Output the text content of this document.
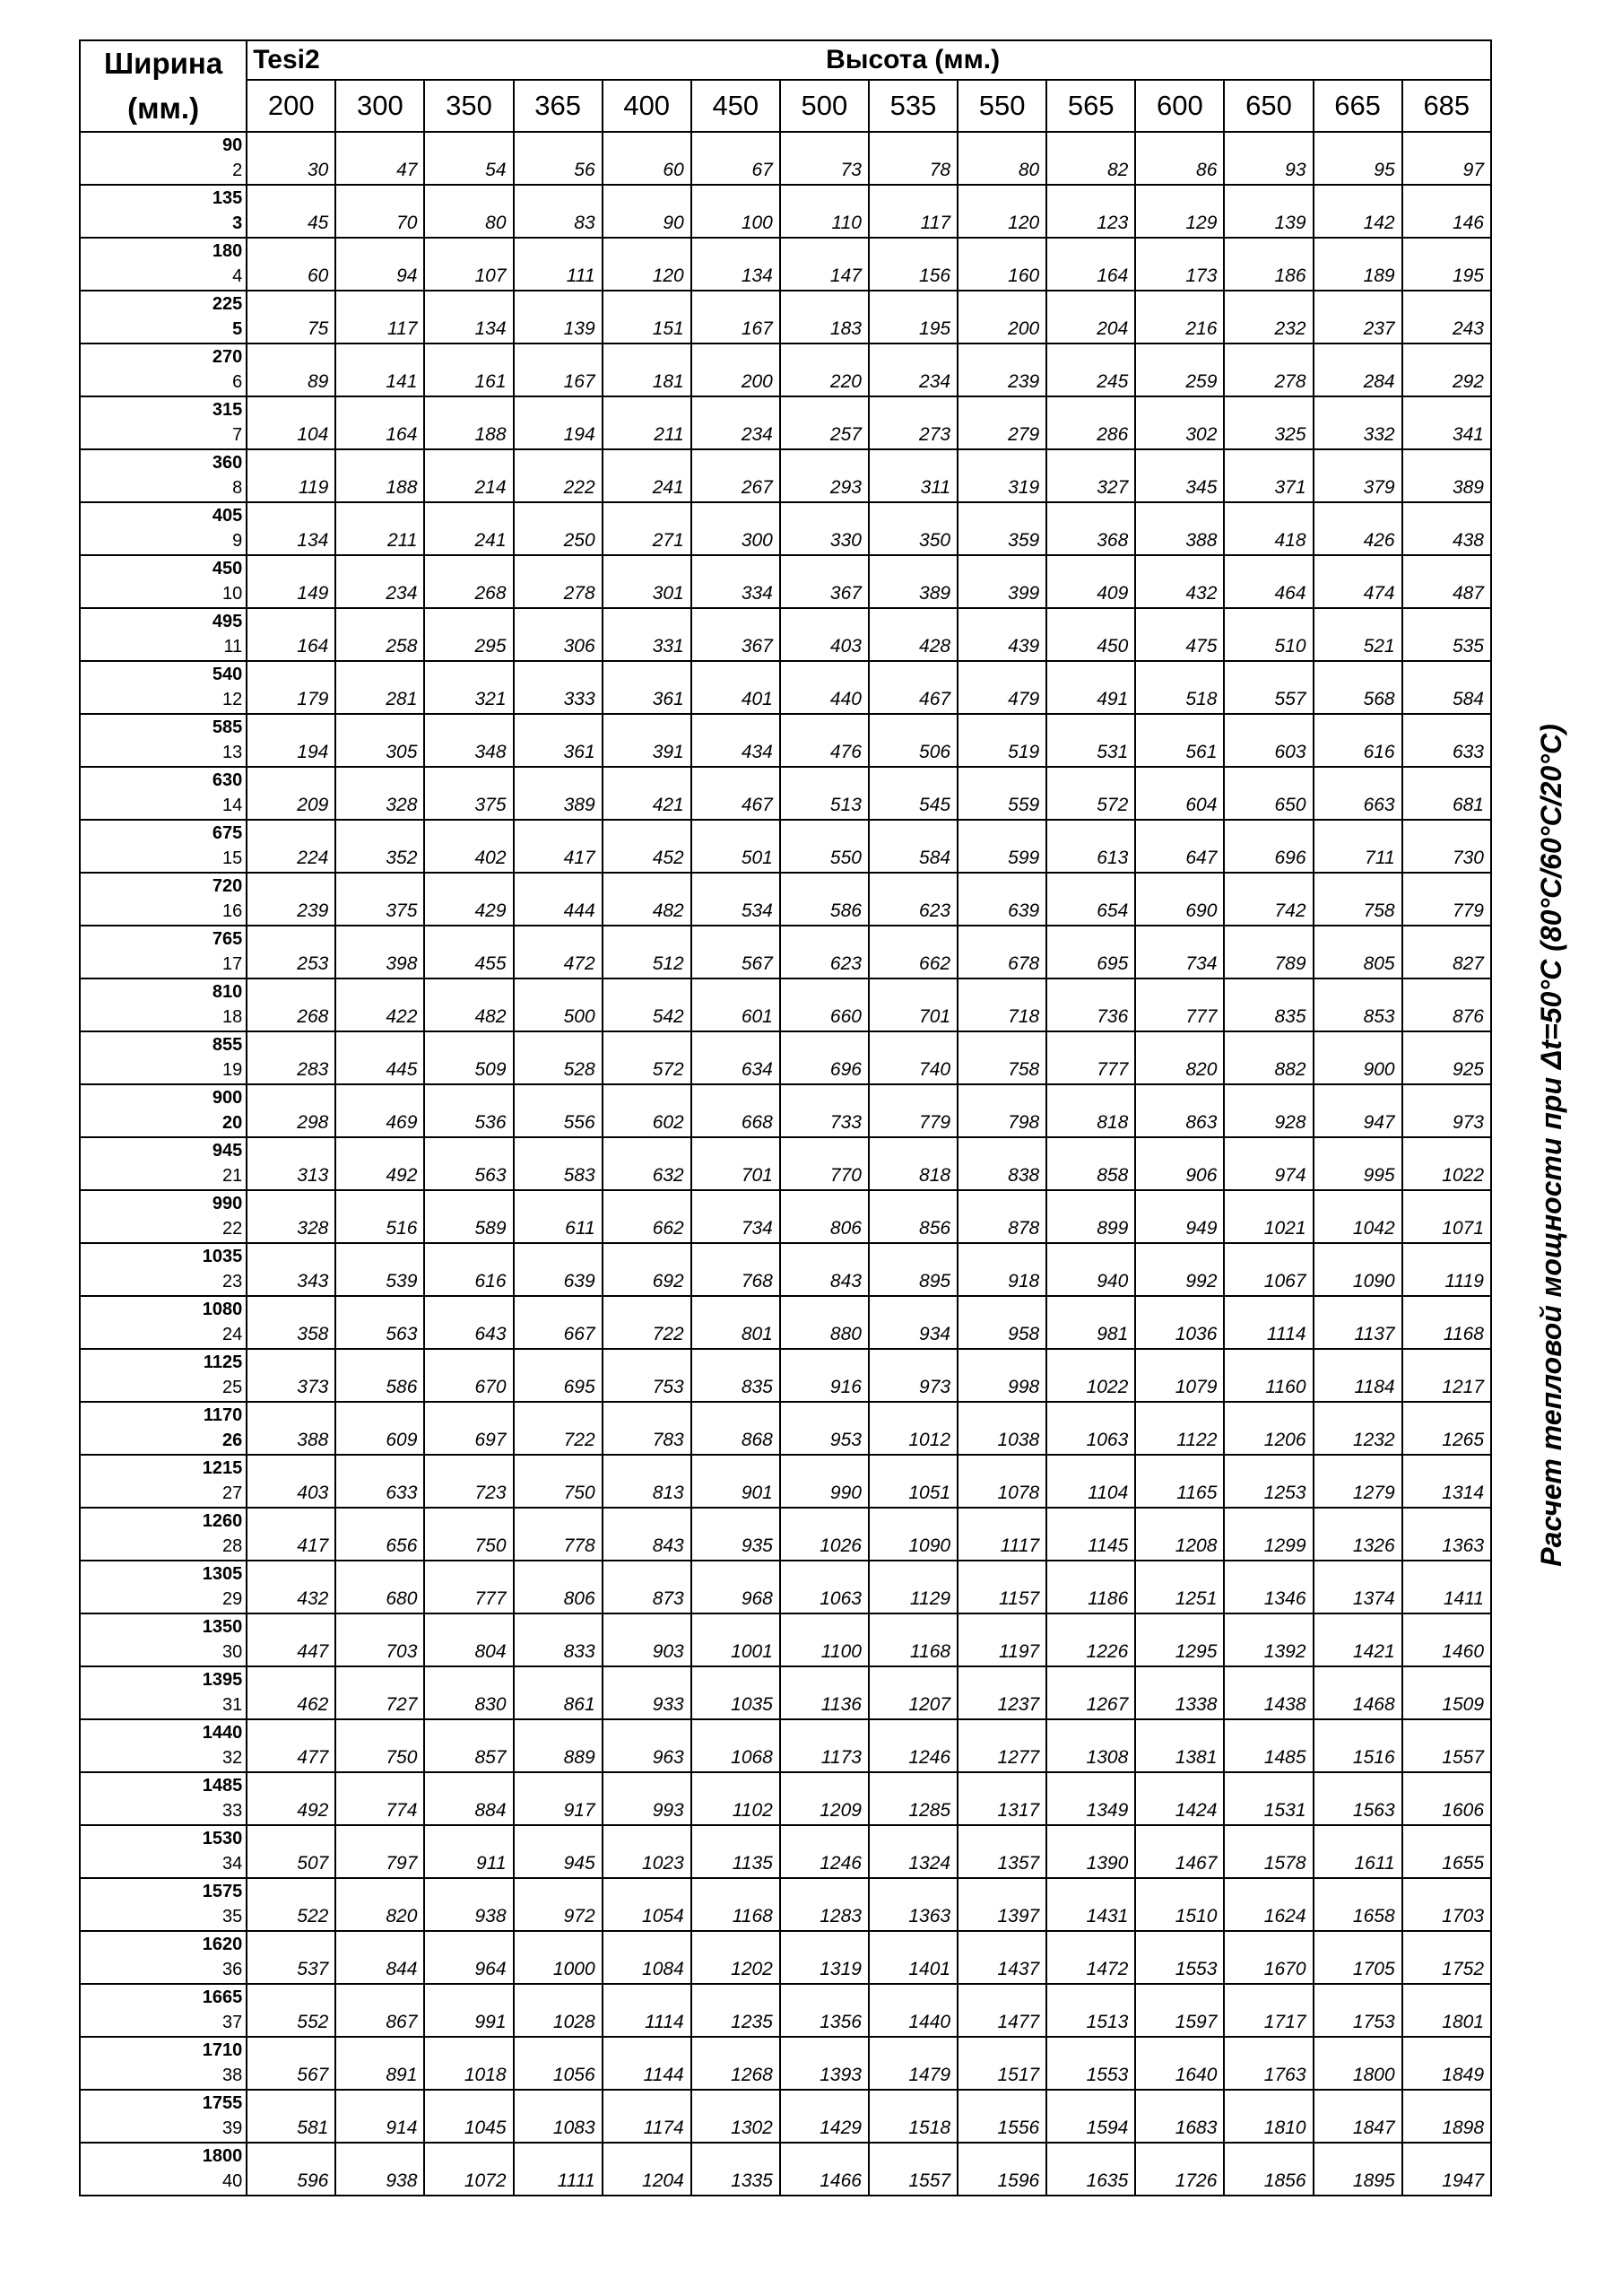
Ширина
(мм.)	Tesi2	Высота (мм.)												
	200	300	350	365	400	450	500	535	550	565	600	650	665	685

90
2	30	47	54	56	60	67	73	78	80	82	86	93	95	97

135
3	45	70	80	83	90	100	110	117	120	123	129	139	142	146

180
4	60	94	107	111	120	134	147	156	160	164	173	186	189	195

225
5	75	117	134	139	151	167	183	195	200	204	216	232	237	243

270
6	89	141	161	167	181	200	220	234	239	245	259	278	284	292

315
7	104	164	188	194	211	234	257	273	279	286	302	325	332	341

360
8	119	188	214	222	241	267	293	311	319	327	345	371	379	389

405
9	134	211	241	250	271	300	330	350	359	368	388	418	426	438

450
10	149	234	268	278	301	334	367	389	399	409	432	464	474	487

495
11	164	258	295	306	331	367	403	428	439	450	475	510	521	535

540
12	179	281	321	333	361	401	440	467	479	491	518	557	568	584

585
13	194	305	348	361	391	434	476	506	519	531	561	603	616	633

630
14	209	328	375	389	421	467	513	545	559	572	604	650	663	681

675
15	224	352	402	417	452	501	550	584	599	613	647	696	711	730

720
16	239	375	429	444	482	534	586	623	639	654	690	742	758	779

765
17	253	398	455	472	512	567	623	662	678	695	734	789	805	827

810
18	268	422	482	500	542	601	660	701	718	736	777	835	853	876

855
19	283	445	509	528	572	634	696	740	758	777	820	882	900	925

900
20	298	469	536	556	602	668	733	779	798	818	863	928	947	973

945
21	313	492	563	583	632	701	770	818	838	858	906	974	995	1022

990
22	328	516	589	611	662	734	806	856	878	899	949	1021	1042	1071

1035
23	343	539	616	639	692	768	843	895	918	940	992	1067	1090	1119

1080
24	358	563	643	667	722	801	880	934	958	981	1036	1114	1137	1168

1125
25	373	586	670	695	753	835	916	973	998	1022	1079	1160	1184	1217

1170
26	388	609	697	722	783	868	953	1012	1038	1063	1122	1206	1232	1265

1215
27	403	633	723	750	813	901	990	1051	1078	1104	1165	1253	1279	1314

1260
28	417	656	750	778	843	935	1026	1090	1117	1145	1208	1299	1326	1363

1305
29	432	680	777	806	873	968	1063	1129	1157	1186	1251	1346	1374	1411

1350
30	447	703	804	833	903	1001	1100	1168	1197	1226	1295	1392	1421	1460

1395
31	462	727	830	861	933	1035	1136	1207	1237	1267	1338	1438	1468	1509

1440
32	477	750	857	889	963	1068	1173	1246	1277	1308	1381	1485	1516	1557

1485
33	492	774	884	917	993	1102	1209	1285	1317	1349	1424	1531	1563	1606

1530
34	507	797	911	945	1023	1135	1246	1324	1357	1390	1467	1578	1611	1655

1575
35	522	820	938	972	1054	1168	1283	1363	1397	1431	1510	1624	1658	1703

1620
36	537	844	964	1000	1084	1202	1319	1401	1437	1472	1553	1670	1705	1752

1665
37	552	867	991	1028	1114	1235	1356	1440	1477	1513	1597	1717	1753	1801

1710
38	567	891	1018	1056	1144	1268	1393	1479	1517	1553	1640	1763	1800	1849

1755
39	581	914	1045	1083	1174	1302	1429	1518	1556	1594	1683	1810	1847	1898

1800
40	596	938	1072	1111	1204	1335	1466	1557	1596	1635	1726	1856	1895	1947
Расчет тепловой мощности при Δt=50°C (80°C/60°C/20°C)
